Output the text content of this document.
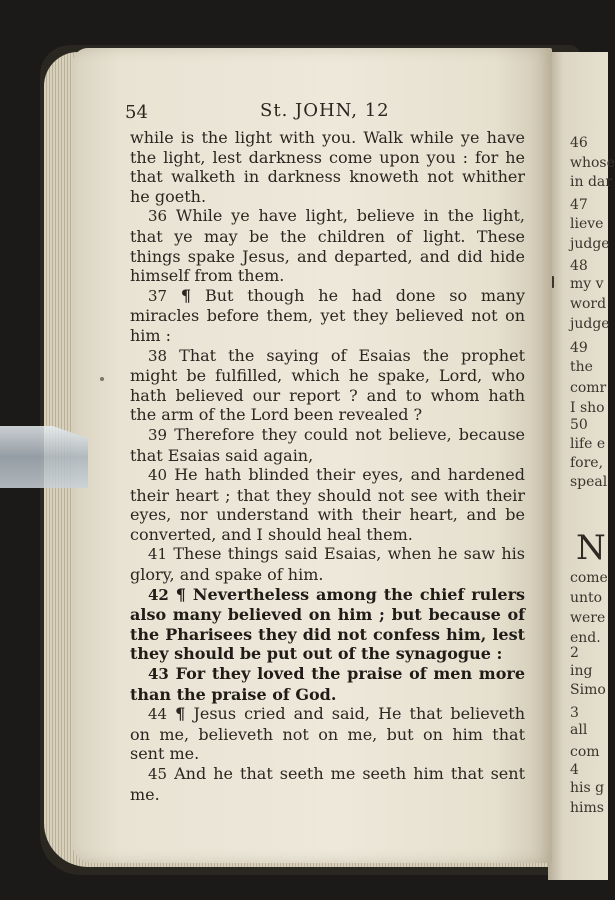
54	St. JOHN, 12

while is the light with you. Walk while ye have the light, lest darkness come upon you : for he that walketh in darkness knoweth not whither he goeth.

36 While ye have light, believe in the light, that ye may be the children of light. These things spake Jesus, and departed, and did hide himself from them.

37 ¶ But though he had done so many miracles before them, yet they believed not on him :

38 That the saying of Esaias the prophet might be fulfilled, which he spake, Lord, who hath believed our report ? and to whom hath the arm of the Lord been revealed ?

39 Therefore they could not believe, because that Esaias said again,

40 He hath blinded their eyes, and hardened their heart ; that they should not see with their eyes, nor understand with their heart, and be converted, and I should heal them.

41 These things said Esaias, when he saw his glory, and spake of him.

42 ¶ Nevertheless among the chief rulers also many believed on him ; but because of the Pharisees they did not confess him, lest they should be put out of the synagogue :

43 For they loved the praise of men more than the praise of God.

44 ¶ Jesus cried and said, He that believeth on me, believeth not on me, but on him that sent me.

45 And he that seeth me seeth him that sent me.

46
whose
in dar
47
lieve
judge
48
my v
word
judge
49
the
comr
I sho
50
life e
fore,
speal
N
come
unto
were
end.
2
ing
Simo
3
all
com
4
his g
hims
